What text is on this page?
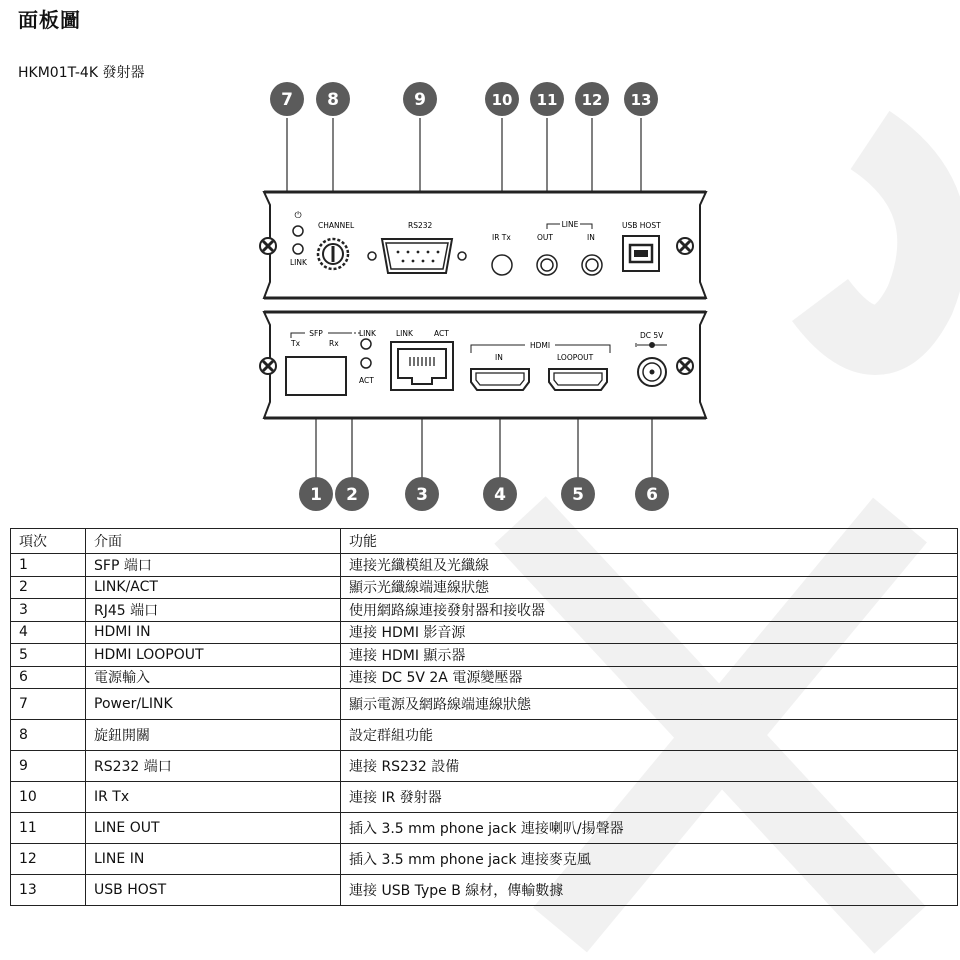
面板圖
HKM01T-4K 發射器
7 8	9	10 11 12 13
1 2	3	4	5	6
⏻
LINK
CHANNEL	RS232
IR Tx
LINE
OUT	IN
USB HOST
SFP	LINK
Tx	Rx
ACT
LINK	ACT
HDMI
IN	LOOPOUT
DC 5V
項次	介面	功能
1	SFP 端口	連接光纖模組及光纖線
2	LINK/ACT	顯示光纖線端連線狀態
3	RJ45 端口	使用網路線連接發射器和接收器
4	HDMI IN	連接 HDMI 影音源
5	HDMI LOOPOUT	連接 HDMI 顯示器
6	電源輸入	連接 DC 5V 2A 電源變壓器
7	Power/LINK	顯示電源及網路線端連線狀態
8	旋鈕開關	設定群組功能
9	RS232 端口	連接 RS232 設備
10	IR Tx	連接 IR 發射器
11	LINE OUT	插入 3.5 mm phone jack 連接喇叭/揚聲器
12	LINE IN	插入 3.5 mm phone jack 連接麥克風
13	USB HOST	連接 USB Type B 線材，傳輸數據
